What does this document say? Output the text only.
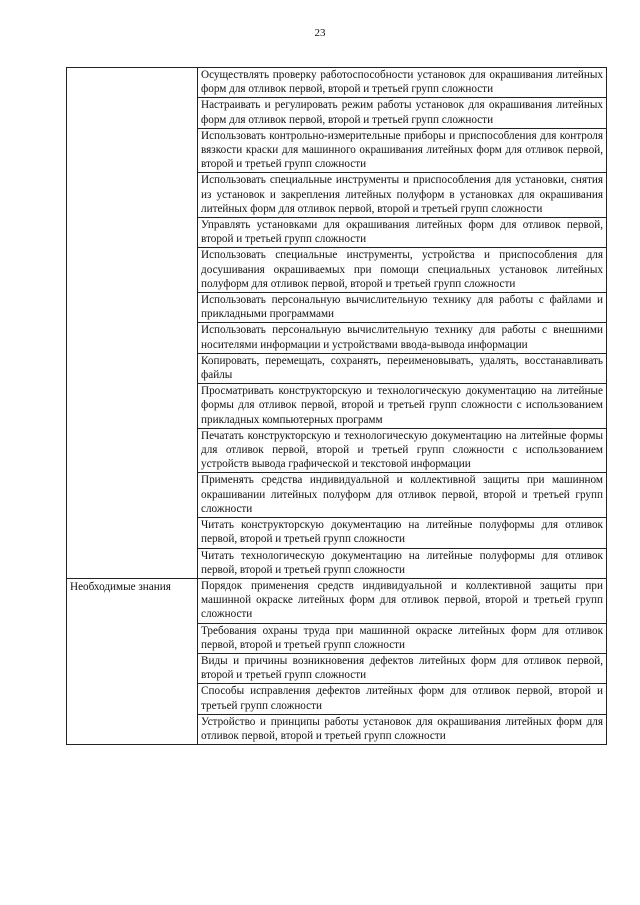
23
	Осуществлять проверку работоспособности установок для окрашивания литейных форм для отливок первой, второй и третьей групп сложности
	Настраивать и регулировать режим работы установок для окрашивания литейных форм для отливок первой, второй и третьей групп сложности
	Использовать контрольно-измерительные приборы и приспособления для контроля вязкости краски для машинного окрашивания литейных форм для отливок первой, второй и третьей групп сложности
	Использовать специальные инструменты и приспособления для установки, снятия из установок и закрепления литейных полуформ в установках для окрашивания литейных форм для отливок первой, второй и третьей групп сложности
	Управлять установками для окрашивания литейных форм для отливок первой, второй и третьей групп сложности
	Использовать специальные инструменты, устройства и приспособления для досушивания окрашиваемых при помощи специальных установок литейных полуформ для отливок первой, второй и третьей групп сложности
	Использовать персональную вычислительную технику для работы с файлами и прикладными программами
	Использовать персональную вычислительную технику для работы с внешними носителями информации и устройствами ввода-вывода информации
	Копировать, перемещать, сохранять, переименовывать, удалять, восстанавливать файлы
	Просматривать конструкторскую и технологическую документацию на литейные формы для отливок первой, второй и третьей групп сложности с использованием прикладных компьютерных программ
	Печатать конструкторскую и технологическую документацию на литейные формы для отливок первой, второй и третьей групп сложности с использованием устройств вывода графической и текстовой информации
	Применять средства индивидуальной и коллективной защиты при машинном окрашивании литейных полуформ для отливок первой, второй и третьей групп сложности
	Читать конструкторскую документацию на литейные полуформы для отливок первой, второй и третьей групп сложности
	Читать технологическую документацию на литейные полуформы для отливок первой, второй и третьей групп сложности

Необходимые знания	Порядок применения средств индивидуальной и коллективной защиты при машинной окраске литейных форм для отливок первой, второй и третьей групп сложности
	Требования охраны труда при машинной окраске литейных форм для отливок первой, второй и третьей групп сложности
	Виды и причины возникновения дефектов литейных форм для отливок первой, второй и третьей групп сложности
	Способы исправления дефектов литейных форм для отливок первой, второй и третьей групп сложности
	Устройство и принципы работы установок для окрашивания литейных форм для отливок первой, второй и третьей групп сложности
